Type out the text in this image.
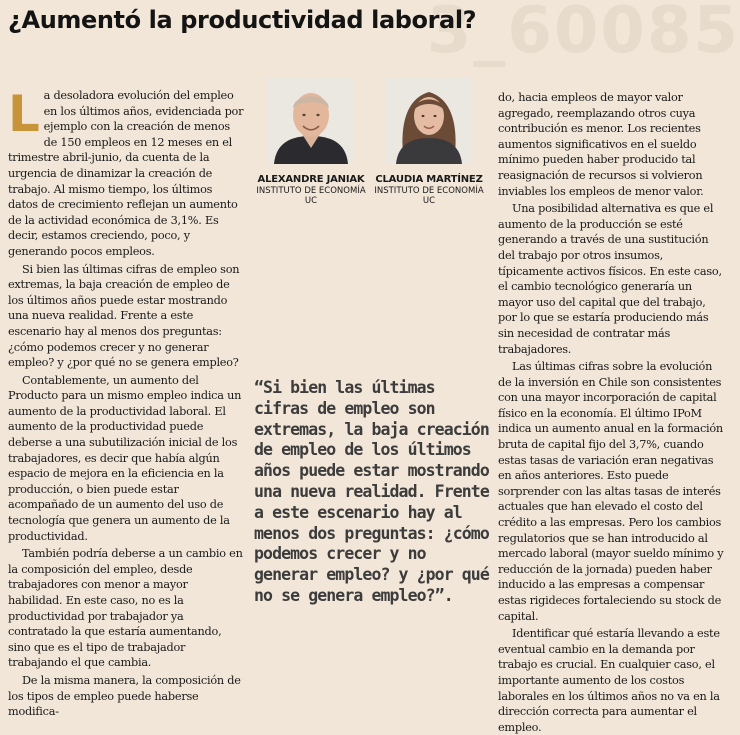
3_60085
¿Aumentó la productividad laboral?

La desoladora evolución del empleo en los últimos años, evidenciada por ejemplo con la creación de menos de 150 empleos en 12 meses en el trimestre abril-junio, da cuenta de la urgencia de dinamizar la creación de trabajo. Al mismo tiempo, los últimos datos de crecimiento reflejan un aumento de la actividad económica de 3,1%. Es decir, estamos creciendo, poco, y generando pocos empleos.

Si bien las últimas cifras de empleo son extremas, la baja creación de empleo de los últimos años puede estar mostrando una nueva realidad. Frente a este escenario hay al menos dos preguntas: ¿cómo podemos crecer y no generar empleo? y ¿por qué no se genera empleo?

Contablemente, un aumento del Producto para un mismo empleo indica un aumento de la productividad laboral. El aumento de la productividad puede deberse a una subutilización inicial de los trabajadores, es decir que había algún espacio de mejora en la eficiencia en la producción, o bien puede estar acompañado de un aumento del uso de tecnología que genera un aumento de la productividad.

También podría deberse a un cambio en la composición del empleo, desde trabajadores con menor a mayor habilidad. En este caso, no es la productividad por trabajador ya contratado la que estaría aumentando, sino que es el tipo de trabajador trabajando el que cambia.

De la misma manera, la composición de los tipos de empleo puede haberse modifica-

ALEXANDRE JANIAK
INSTITUTO DE ECONOMÍA UC
CLAUDIA MARTÍNEZ
INSTITUTO DE ECONOMÍA UC
“Si bien las últimas cifras de empleo son extremas, la baja creación de empleo de los últimos años puede estar mostrando una nueva realidad. Frente a este escenario hay al menos dos preguntas: ¿cómo podemos crecer y no generar empleo? y ¿por qué no se genera empleo?”.

do, hacia empleos de mayor valor agregado, reemplazando otros cuya contribución es menor. Los recientes aumentos significativos en el sueldo mínimo pueden haber producido tal reasignación de recursos si volvieron inviables los empleos de menor valor.

Una posibilidad alternativa es que el aumento de la producción se esté generando a través de una sustitución del trabajo por otros insumos, típicamente activos físicos. En este caso, el cambio tecnológico generaría un mayor uso del capital que del trabajo, por lo que se estaría produciendo más sin necesidad de contratar más trabajadores.

Las últimas cifras sobre la evolución de la inversión en Chile son consistentes con una mayor incorporación de capital físico en la economía. El último IPoM indica un aumento anual en la formación bruta de capital fijo del 3,7%, cuando estas tasas de variación eran negativas en años anteriores. Esto puede sorprender con las altas tasas de interés actuales que han elevado el costo del crédito a las empresas. Pero los cambios regulatorios que se han introducido al mercado laboral (mayor sueldo mínimo y reducción de la jornada) pueden haber inducido a las empresas a compensar estas rigideces fortaleciendo su stock de capital.

Identificar qué estaría llevando a este eventual cambio en la demanda por trabajo es crucial. En cualquier caso, el importante aumento de los costos laborales en los últimos años no va en la dirección correcta para aumentar el empleo.
